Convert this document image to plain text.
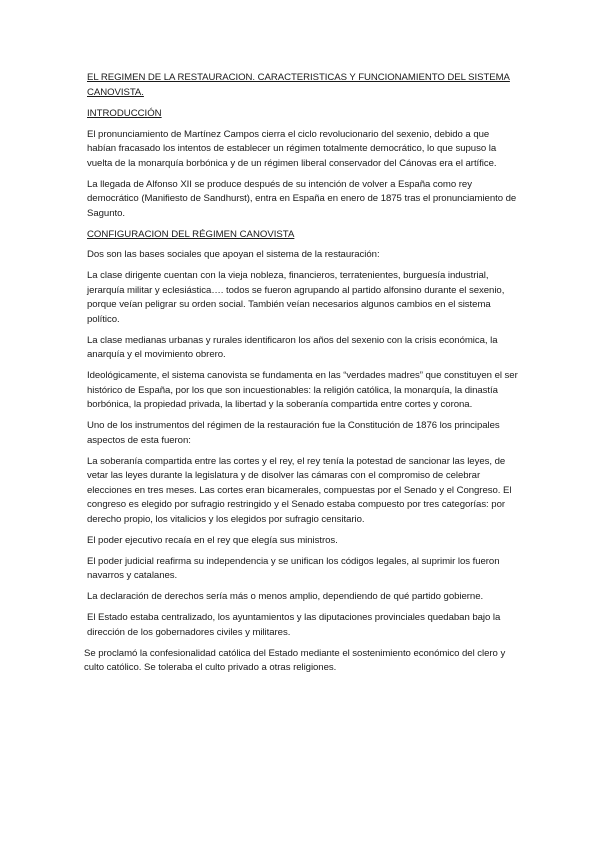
EL REGIMEN DE LA RESTAURACION. CARACTERISTICAS Y FUNCIONAMIENTO DEL SISTEMA CANOVISTA.

INTRODUCCIÓN

El pronunciamiento de Martínez Campos cierra el ciclo revolucionario del sexenio, debido a que habían fracasado los intentos de establecer un régimen totalmente democrático, lo que supuso la vuelta de la monarquía borbónica y de un régimen liberal conservador del Cánovas era el artífice.

La llegada de Alfonso XII se produce después de su intención de volver a España como rey democrático (Manifiesto de Sandhurst), entra en España en enero de 1875 tras el pronunciamiento de Sagunto.

CONFIGURACION DEL RÉGIMEN CANOVISTA

Dos son las bases sociales que apoyan el sistema de la restauración:

La clase dirigente cuentan con la vieja nobleza, financieros, terratenientes, burguesía industrial, jerarquía militar y eclesiástica…. todos se fueron agrupando al partido alfonsino durante el sexenio, porque veían peligrar su orden social. También veían necesarios algunos cambios en el sistema político.

La clase medianas urbanas y rurales identificaron los años del sexenio con la crisis económica, la anarquía y el movimiento obrero.

Ideológicamente, el sistema canovista se fundamenta en las “verdades madres” que constituyen el ser histórico de España, por los que son incuestionables: la religión católica, la monarquía, la dinastía borbónica, la propiedad privada, la libertad y la soberanía compartida entre cortes y corona.

Uno de los instrumentos del régimen de la restauración fue la Constitución de 1876 los principales aspectos de esta fueron:

La soberanía compartida entre las cortes y el rey, el rey tenía la potestad de sancionar las leyes, de vetar las leyes durante la legislatura y de disolver las cámaras con el compromiso de celebrar elecciones en tres meses. Las cortes eran bicamerales, compuestas por el Senado y el Congreso. El congreso es elegido por sufragio restringido y el Senado estaba compuesto por tres categorías: por derecho propio, los vitalicios y los elegidos por sufragio censitario.

El poder ejecutivo recaía en el rey que elegía sus ministros.

El poder judicial reafirma su independencia y se unifican los códigos legales, al suprimir los fueron navarros y catalanes.

La declaración de derechos sería más o menos amplio, dependiendo de qué partido gobierne.

El Estado estaba centralizado, los ayuntamientos y las diputaciones provinciales quedaban bajo la dirección de los gobernadores civiles y militares.

Se proclamó la confesionalidad católica del Estado mediante el sostenimiento económico del clero y culto católico. Se toleraba el culto privado a otras religiones.
